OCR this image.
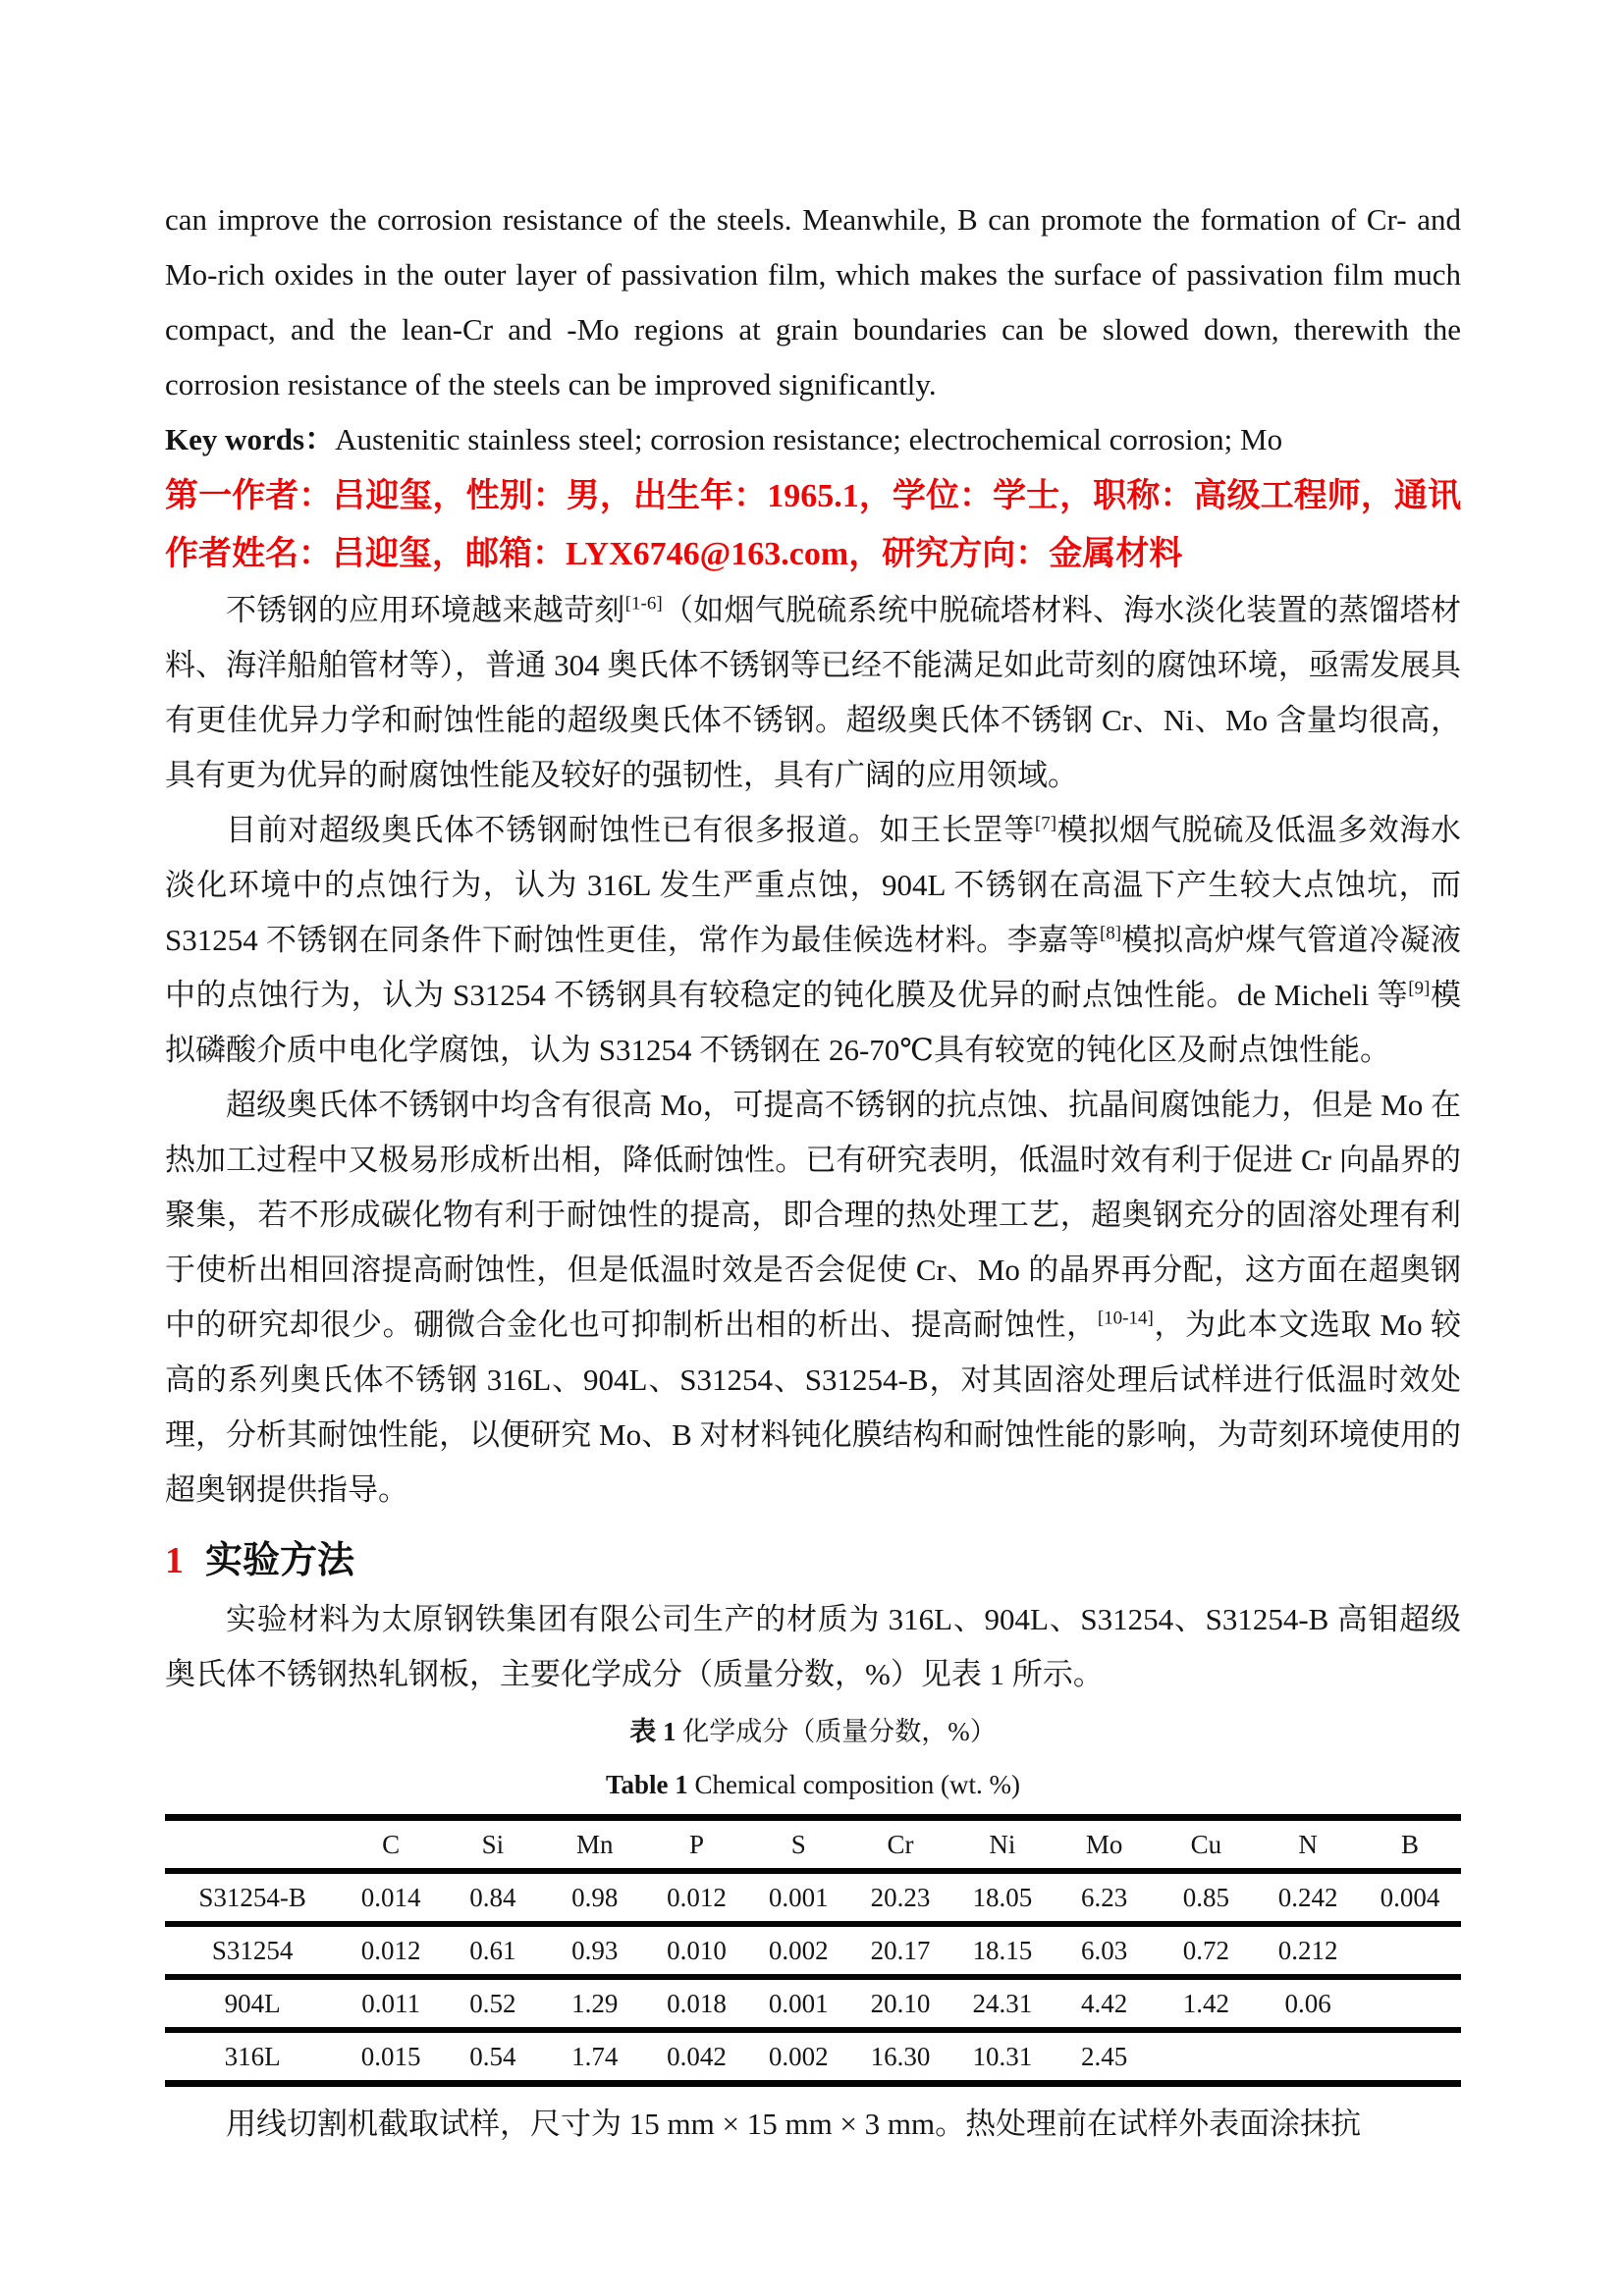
can improve the corrosion resistance of the steels. Meanwhile, B can promote the formation of Cr- and Mo-rich oxides in the outer layer of passivation film, which makes the surface of passivation film much compact, and the lean-Cr and -Mo regions at grain boundaries can be slowed down, therewith the corrosion resistance of the steels can be improved significantly.

Key words：Austenitic stainless steel; corrosion resistance; electrochemical corrosion; Mo

第一作者：吕迎玺，性别：男，出生年：1965.1，学位：学士，职称：高级工程师，通讯作者姓名：吕迎玺，邮箱：LYX6746@163.com，研究方向：金属材料

不锈钢的应用环境越来越苛刻[1-6]（如烟气脱硫系统中脱硫塔材料、海水淡化装置的蒸馏塔材料、海洋船舶管材等），普通 304 奥氏体不锈钢等已经不能满足如此苛刻的腐蚀环境，亟需发展具有更佳优异力学和耐蚀性能的超级奥氏体不锈钢。超级奥氏体不锈钢 Cr、Ni、Mo 含量均很高，具有更为优异的耐腐蚀性能及较好的强韧性，具有广阔的应用领域。

目前对超级奥氏体不锈钢耐蚀性已有很多报道。如王长罡等[7]模拟烟气脱硫及低温多效海水淡化环境中的点蚀行为，认为 316L 发生严重点蚀，904L 不锈钢在高温下产生较大点蚀坑，而 S31254 不锈钢在同条件下耐蚀性更佳，常作为最佳候选材料。李嘉等[8]模拟高炉煤气管道冷凝液中的点蚀行为，认为 S31254 不锈钢具有较稳定的钝化膜及优异的耐点蚀性能。de Micheli 等[9]模拟磷酸介质中电化学腐蚀，认为 S31254 不锈钢在 26-70℃具有较宽的钝化区及耐点蚀性能。

超级奥氏体不锈钢中均含有很高 Mo，可提高不锈钢的抗点蚀、抗晶间腐蚀能力，但是 Mo 在热加工过程中又极易形成析出相，降低耐蚀性。已有研究表明，低温时效有利于促进 Cr 向晶界的聚集，若不形成碳化物有利于耐蚀性的提高，即合理的热处理工艺，超奥钢充分的固溶处理有利于使析出相回溶提高耐蚀性，但是低温时效是否会促使 Cr、Mo 的晶界再分配，这方面在超奥钢中的研究却很少。硼微合金化也可抑制析出相的析出、提高耐蚀性，[10-14]，为此本文选取 Mo 较高的系列奥氏体不锈钢 316L、904L、S31254、S31254-B，对其固溶处理后试样进行低温时效处理，分析其耐蚀性能，以便研究 Mo、B 对材料钝化膜结构和耐蚀性能的影响，为苛刻环境使用的超奥钢提供指导。

1 实验方法

实验材料为太原钢铁集团有限公司生产的材质为 316L、904L、S31254、S31254-B 高钼超级奥氏体不锈钢热轧钢板，主要化学成分（质量分数，%）见表 1 所示。

表 1 化学成分（质量分数，%）
Table 1 Chemical composition (wt. %)
	C	Si	Mn	P	S	Cr	Ni	Mo	Cu	N	B
S31254-B	0.014	0.84	0.98	0.012	0.001	20.23	18.05	6.23	0.85	0.242	0.004
S31254	0.012	0.61	0.93	0.010	0.002	20.17	18.15	6.03	0.72	0.212	
904L	0.011	0.52	1.29	0.018	0.001	20.10	24.31	4.42	1.42	0.06	
316L	0.015	0.54	1.74	0.042	0.002	16.30	10.31	2.45			

用线切割机截取试样，尺寸为 15 mm × 15 mm × 3 mm。热处理前在试样外表面涂抹抗
